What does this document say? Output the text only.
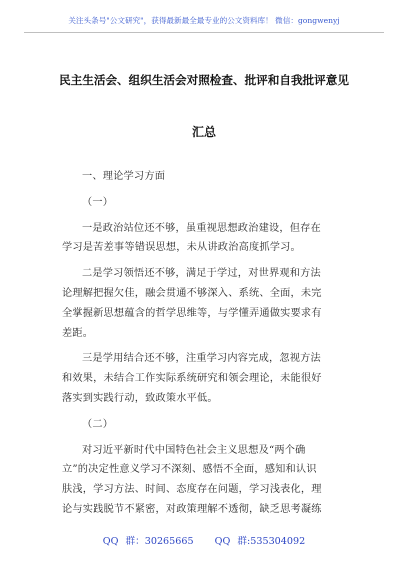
关注头条号"公文研究"，获得最新最全最专业的公文资料库！ 微信：gongwenyj
民主生活会、组织生活会对照检查、批评和自我批评意见
汇总

一、理论学习方面

（一）

一是政治站位还不够，虽重视思想政治建设，但存在

学习是苦差事等错误思想，未从讲政治高度抓学习。

二是学习领悟还不够，满足于学过，对世界观和方法

论理解把握欠佳，融会贯通不够深入、系统、全面，未完

全掌握新思想蕴含的哲学思维等，与学懂弄通做实要求有

差距。

三是学用结合还不够，注重学习内容完成，忽视方法

和效果，未结合工作实际系统研究和领会理论，未能很好

落实到实践行动，致政策水平低。

（二）

对习近平新时代中国特色社会主义思想及“两个确

立”的决定性意义学习不深刻、感悟不全面，感知和认识

肤浅，学习方法、时间、态度存在问题，学习浅表化，理

论与实践脱节不紧密，对政策理解不透彻，缺乏思考凝练

QQ 群：30265665 QQ 群:535304092
